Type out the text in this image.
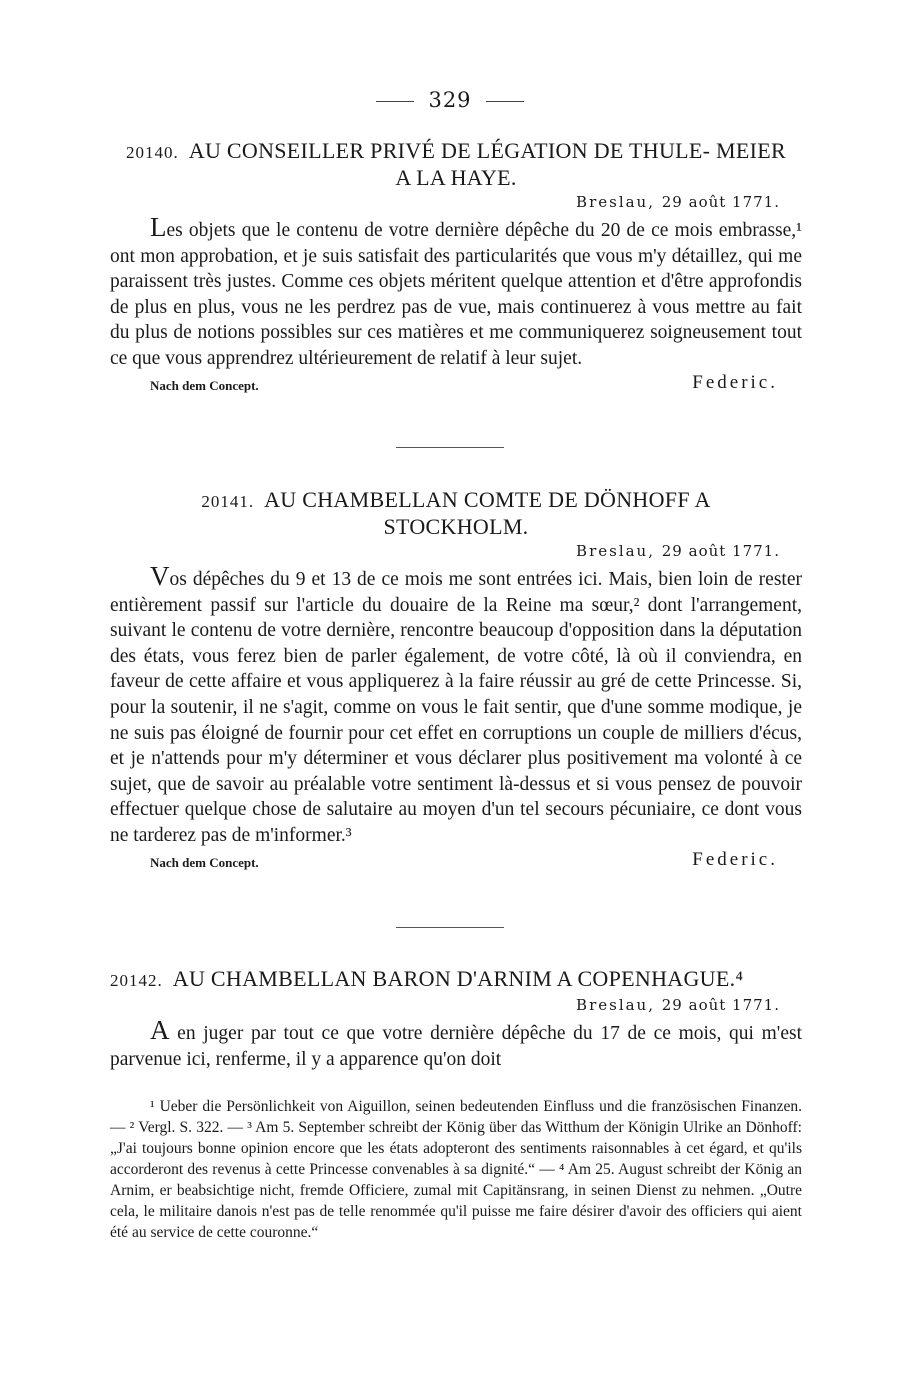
329
20140. AU CONSEILLER PRIVÉ DE LÉGATION DE THULE- MEIER A LA HAYE.
Breslau, 29 août 1771.
Les objets que le contenu de votre dernière dépêche du 20 de ce mois embrasse,¹ ont mon approbation, et je suis satisfait des particularités que vous m'y détaillez, qui me paraissent très justes. Comme ces objets méritent quelque attention et d'être approfondis de plus en plus, vous ne les perdrez pas de vue, mais continuerez à vous mettre au fait du plus de notions possibles sur ces matières et me communiquerez soigneusement tout ce que vous apprendrez ultérieurement de relatif à leur sujet.
Nach dem Concept.	Federic.
20141. AU CHAMBELLAN COMTE DE DÖNHOFF A STOCKHOLM.
Breslau, 29 août 1771.
Vos dépêches du 9 et 13 de ce mois me sont entrées ici. Mais, bien loin de rester entièrement passif sur l'article du douaire de la Reine ma sœur,² dont l'arrangement, suivant le contenu de votre dernière, rencontre beaucoup d'opposition dans la députation des états, vous ferez bien de parler également, de votre côté, là où il conviendra, en faveur de cette affaire et vous appliquerez à la faire réussir au gré de cette Princesse. Si, pour la soutenir, il ne s'agit, comme on vous le fait sentir, que d'une somme modique, je ne suis pas éloigné de fournir pour cet effet en corruptions un couple de milliers d'écus, et je n'attends pour m'y déterminer et vous déclarer plus positivement ma volonté à ce sujet, que de savoir au préalable votre sentiment là-dessus et si vous pensez de pouvoir effectuer quelque chose de salutaire au moyen d'un tel secours pécuniaire, ce dont vous ne tarderez pas de m'informer.³
Nach dem Concept.	Federic.
20142. AU CHAMBELLAN BARON D'ARNIM A COPENHAGUE.⁴
Breslau, 29 août 1771.
A en juger par tout ce que votre dernière dépêche du 17 de ce mois, qui m'est parvenue ici, renferme, il y a apparence qu'on doit

¹ Ueber die Persönlichkeit von Aiguillon, seinen bedeutenden Einfluss und die französischen Finanzen. — ² Vergl. S. 322. — ³ Am 5. September schreibt der König über das Witthum der Königin Ulrike an Dönhoff: „J'ai toujours bonne opinion encore que les états adopteront des sentiments raisonnables à cet égard, et qu'ils accorderont des revenus à cette Princesse convenables à sa dignité.“ — ⁴ Am 25. August schreibt der König an Arnim, er beabsichtige nicht, fremde Officiere, zumal mit Capitänsrang, in seinen Dienst zu nehmen. „Outre cela, le militaire danois n'est pas de telle renommée qu'il puisse me faire désirer d'avoir des officiers qui aient été au service de cette couronne.“
